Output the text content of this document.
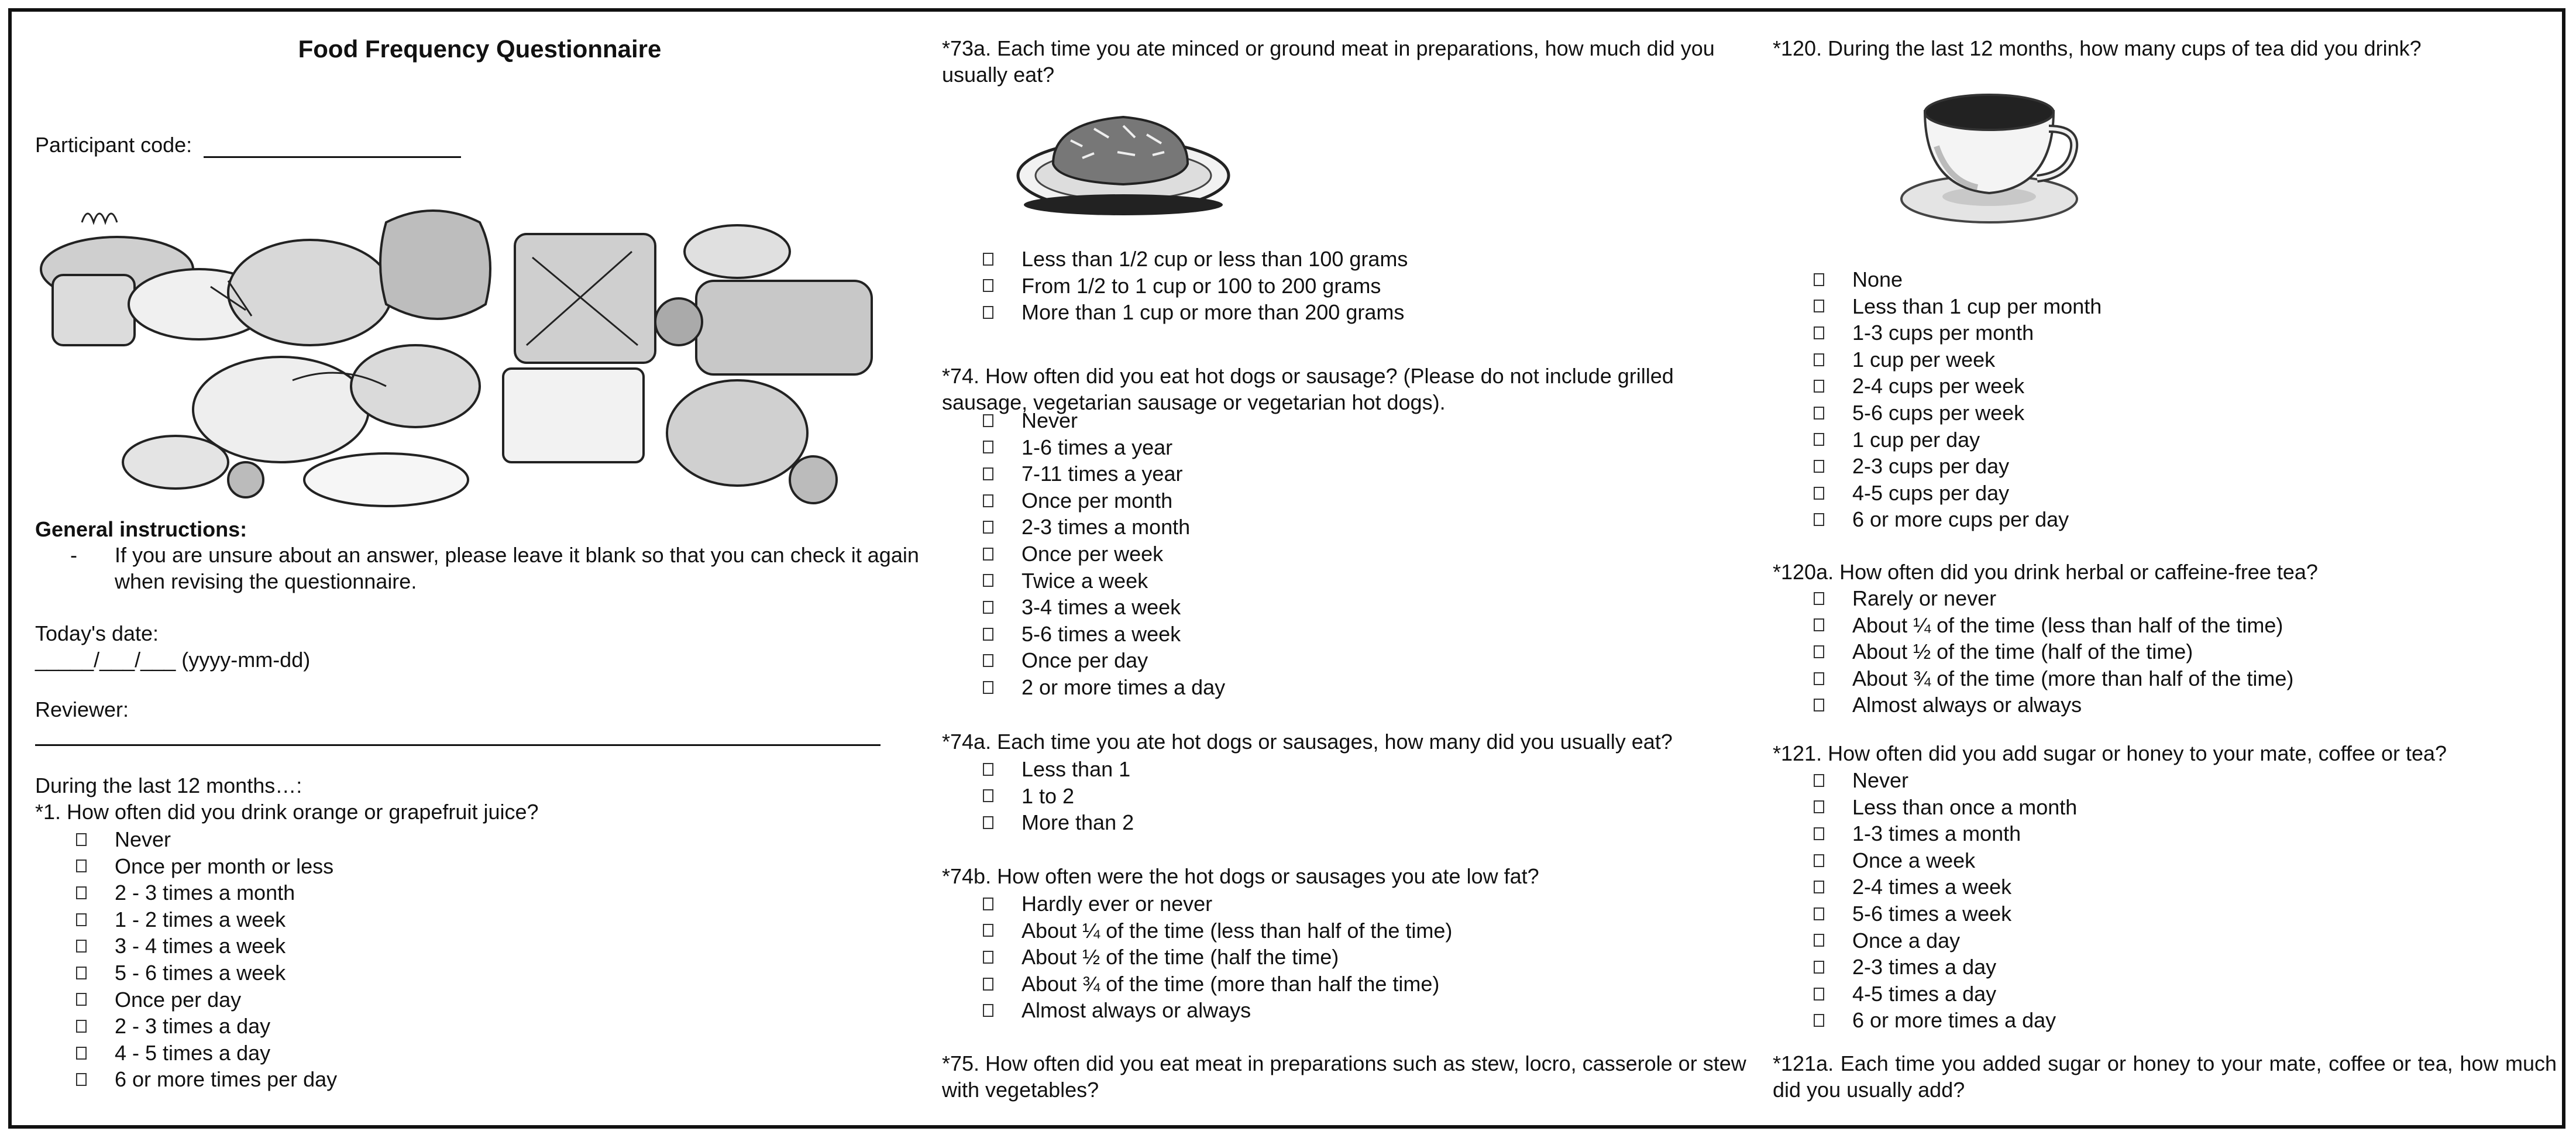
Food Frequency Questionnaire
Participant code:
General instructions:
- If you are unsure about an answer, please leave it blank so that you can check it again when revising the questionnaire.
Today's date:
_____/___/___ (yyyy-mm-dd)
Reviewer:
During the last 12 months…:
*1. How often did you drink orange or grapefruit juice?
Never
Once per month or less
2 - 3 times a month
1 - 2 times a week
3 - 4 times a week
5 - 6 times a week
Once per day
2 - 3 times a day
4 - 5 times a day
6 or more times per day
*73a. Each time you ate minced or ground meat in preparations, how much did you usually eat?
Less than 1/2 cup or less than 100 grams
From 1/2 to 1 cup or 100 to 200 grams
More than 1 cup or more than 200 grams
*74. How often did you eat hot dogs or sausage? (Please do not include grilled sausage, vegetarian sausage or vegetarian hot dogs).
Never
1-6 times a year
7-11 times a year
Once per month
2-3 times a month
Once per week
Twice a week
3-4 times a week
5-6 times a week
Once per day
2 or more times a day
*74a. Each time you ate hot dogs or sausages, how many did you usually eat?
Less than 1
1 to 2
More than 2
*74b. How often were the hot dogs or sausages you ate low fat?
Hardly ever or never
About ¼ of the time (less than half of the time)
About ½ of the time (half the time)
About ¾ of the time (more than half the time)
Almost always or always
*75. How often did you eat meat in preparations such as stew, locro, casserole or stew with vegetables?
*120. During the last 12 months, how many cups of tea did you drink?
None
Less than 1 cup per month
1-3 cups per month
1 cup per week
2-4 cups per week
5-6 cups per week
1 cup per day
2-3 cups per day
4-5 cups per day
6 or more cups per day
*120a. How often did you drink herbal or caffeine-free tea?
Rarely or never
About ¼ of the time (less than half of the time)
About ½ of the time (half of the time)
About ¾ of the time (more than half of the time)
Almost always or always
*121. How often did you add sugar or honey to your mate, coffee or tea?
Never
Less than once a month
1-3 times a month
Once a week
2-4 times a week
5-6 times a week
Once a day
2-3 times a day
4-5 times a day
6 or more times a day
*121a. Each time you added sugar or honey to your mate, coffee or tea, how much did you usually add?
